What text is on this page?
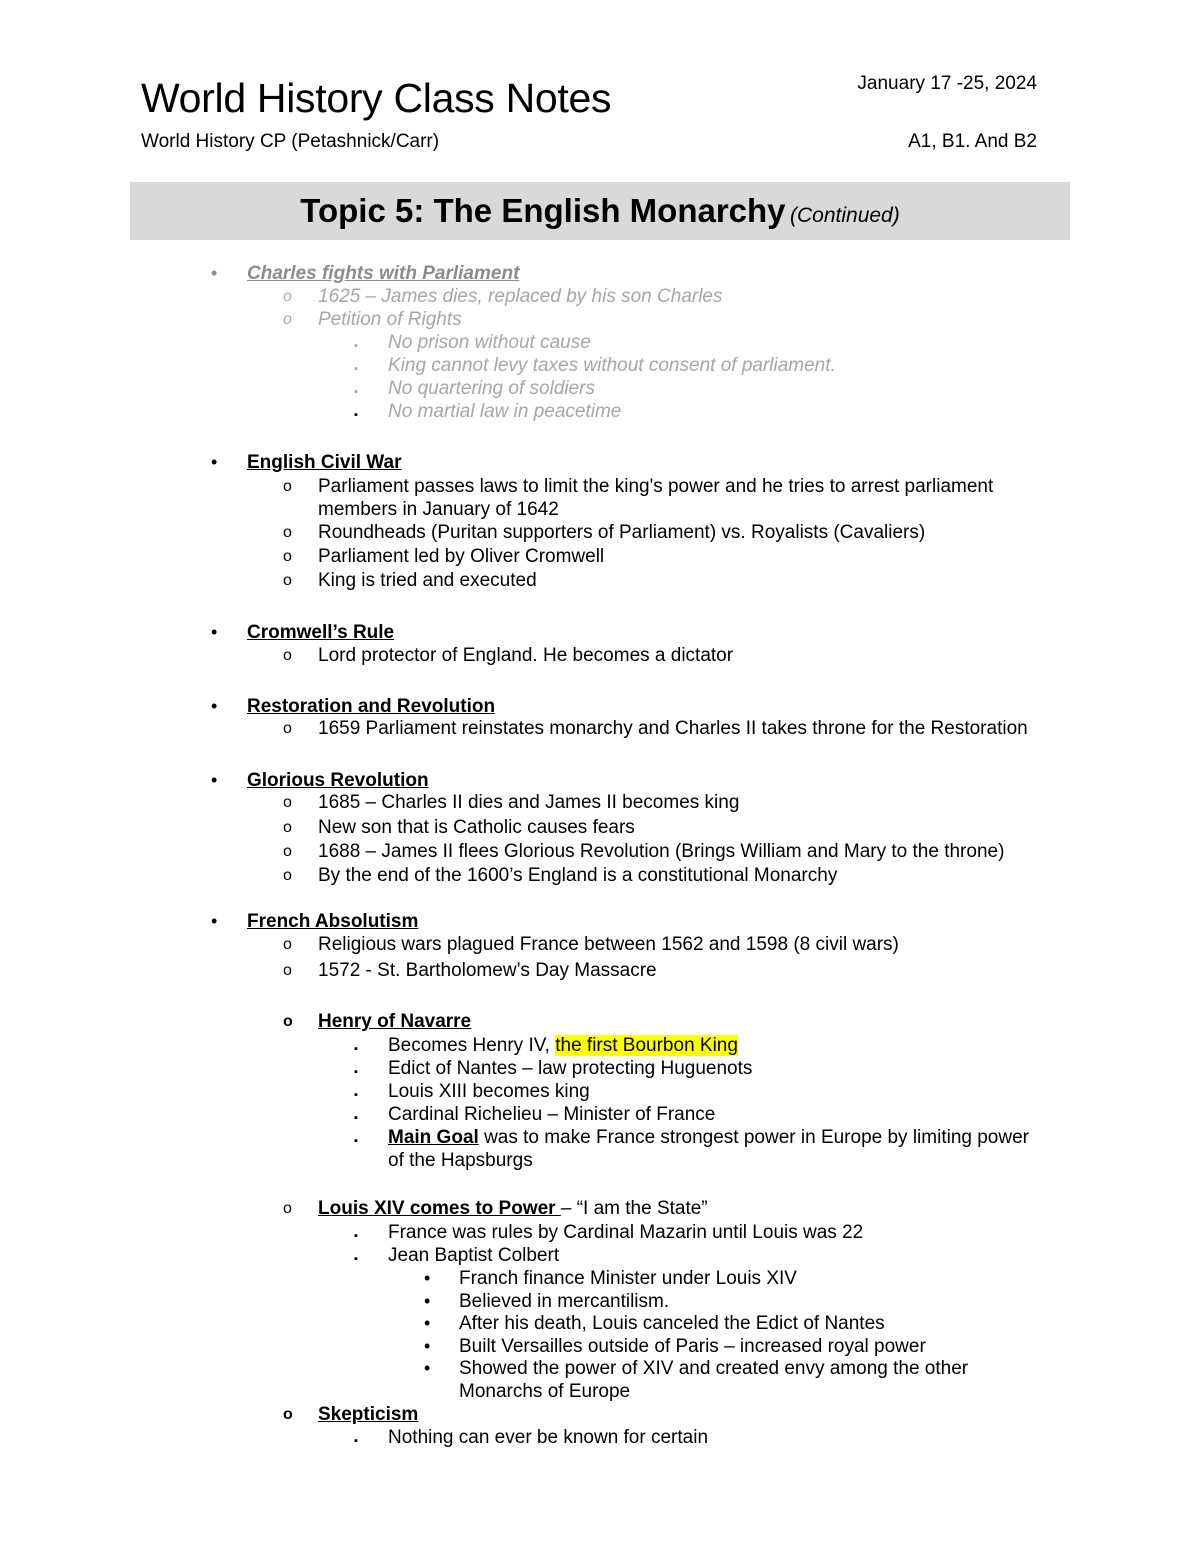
World History Class Notes	January 17 -25, 2024
World History CP (Petashnick/Carr)	A1, B1. And B2
Topic 5: The English Monarchy (Continued)
• Charles fights with Parliament
o 1625 – James dies, replaced by his son Charles
o Petition of Rights
▪ No prison without cause
▪ King cannot levy taxes without consent of parliament.
▪ No quartering of soldiers
▪ No martial law in peacetime
• English Civil War
o Parliament passes laws to limit the king's power and he tries to arrest parliament
members in January of 1642
o Roundheads (Puritan supporters of Parliament) vs. Royalists (Cavaliers)
o Parliament led by Oliver Cromwell
o King is tried and executed
• Cromwell’s Rule
o Lord protector of England. He becomes a dictator
• Restoration and Revolution
o 1659 Parliament reinstates monarchy and Charles II takes throne for the Restoration
• Glorious Revolution
o 1685 – Charles II dies and James II becomes king
o New son that is Catholic causes fears
o 1688 – James II flees Glorious Revolution (Brings William and Mary to the throne)
o By the end of the 1600’s England is a constitutional Monarchy
• French Absolutism
o Religious wars plagued France between 1562 and 1598 (8 civil wars)
o 1572 - St. Bartholomew’s Day Massacre
o Henry of Navarre
▪ Becomes Henry IV, the first Bourbon King
▪ Edict of Nantes – law protecting Huguenots
▪ Louis XIII becomes king
▪ Cardinal Richelieu – Minister of France
▪ Main Goal was to make France strongest power in Europe by limiting power
of the Hapsburgs
o Louis XIV comes to Power – “I am the State”
▪ France was rules by Cardinal Mazarin until Louis was 22
▪ Jean Baptist Colbert
• Franch finance Minister under Louis XIV
• Believed in mercantilism.
• After his death, Louis canceled the Edict of Nantes
• Built Versailles outside of Paris – increased royal power
• Showed the power of XIV and created envy among the other
Monarchs of Europe
o Skepticism
▪ Nothing can ever be known for certain
